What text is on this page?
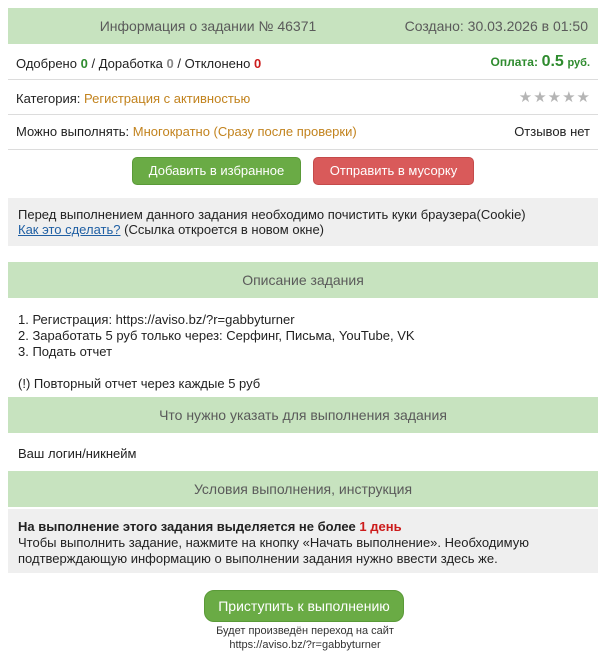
Информация о задании № 46371	Создано: 30.03.2026 в 01:50
Одобрено 0 / Доработка 0 / Отклонено 0	Оплата: 0.5 руб.
Категория: Регистрация с активностью	★ ★ ★ ★ ★
Можно выполнять: Многократно (Сразу после проверки)	Отзывов нет
Добавить в избранное	Отправить в мусорку
Перед выполнением данного задания необходимо почистить куки браузера(Cookie)
Как это сделать? (Ссылка откроется в новом окне)
Описание задания
1. Регистрация: https://aviso.bz/?r=gabbyturner
2. Заработать 5 руб только через: Серфинг, Письма, YouTube, VK
3. Подать отчет
(!) Повторный отчет через каждые 5 руб
Что нужно указать для выполнения задания
Ваш логин/никнейм
Условия выполнения, инструкция
На выполнение этого задания выделяется не более 1 день
Чтобы выполнить задание, нажмите на кнопку «Начать выполнение». Необходимую подтверждающую информацию о выполнении задания нужно ввести здесь же.
Приступить к выполнению
Будет произведён переход на сайт
https://aviso.bz/?r=gabbyturner
